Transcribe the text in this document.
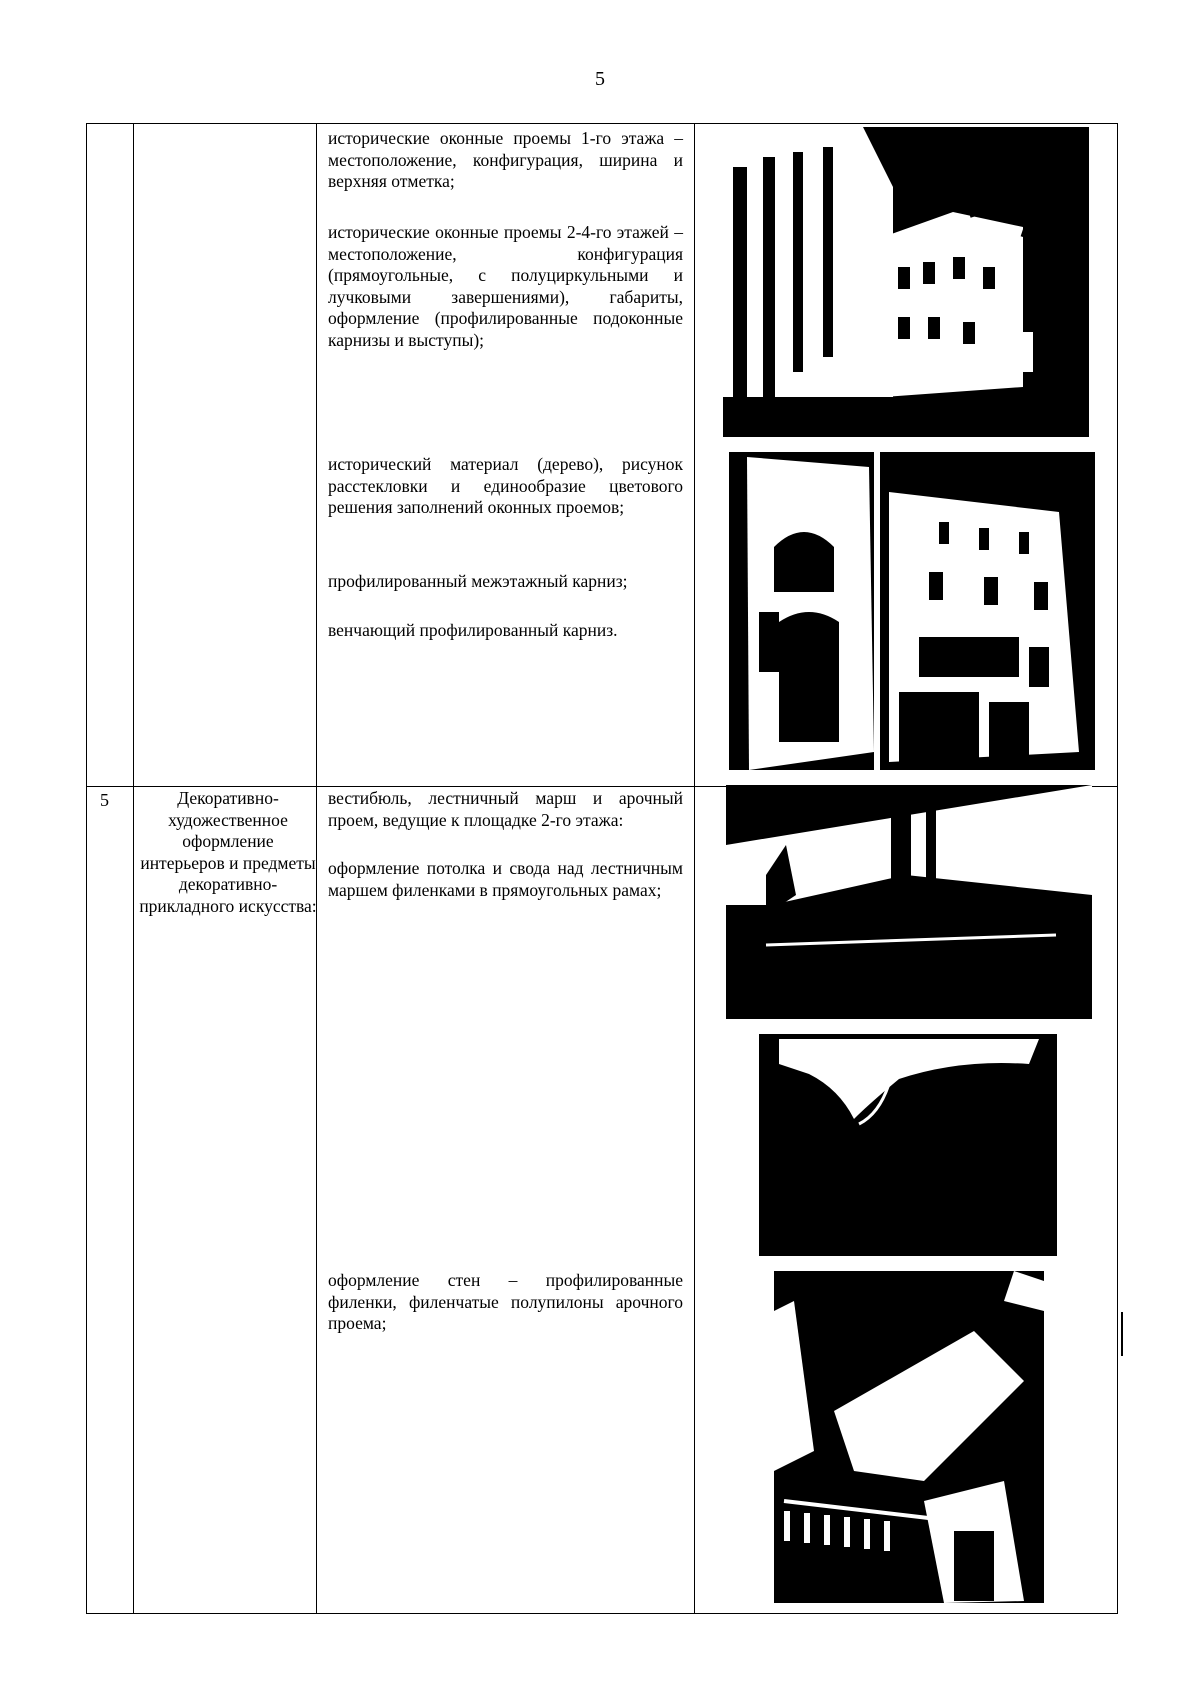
5

исторические оконные проемы 1-го этажа – местоположение, конфигурация, ширина и верхняя отметка;

исторические оконные проемы 2-4-го этажей – местоположение, конфигурация (прямоугольные, с полуциркульными и лучковыми завершениями), габариты, оформление (профилированные подоконные карнизы и выступы);

исторический материал (дерево), рисунок расстекловки и единообразие цветового решения заполнений оконных проемов;

профилированный межэтажный карниз;

венчающий профилированный карниз.

5	Декоративно-художественное оформление интерьеров и предметы декоративно-прикладного искусства:

вестибюль, лестничный марш и арочный проем, ведущие к площадке 2-го этажа:

оформление потолка и свода над лестничным маршем филенками в прямоугольных рамах;

оформление стен – профилированные филенки, филенчатые полупилоны арочного проема;
